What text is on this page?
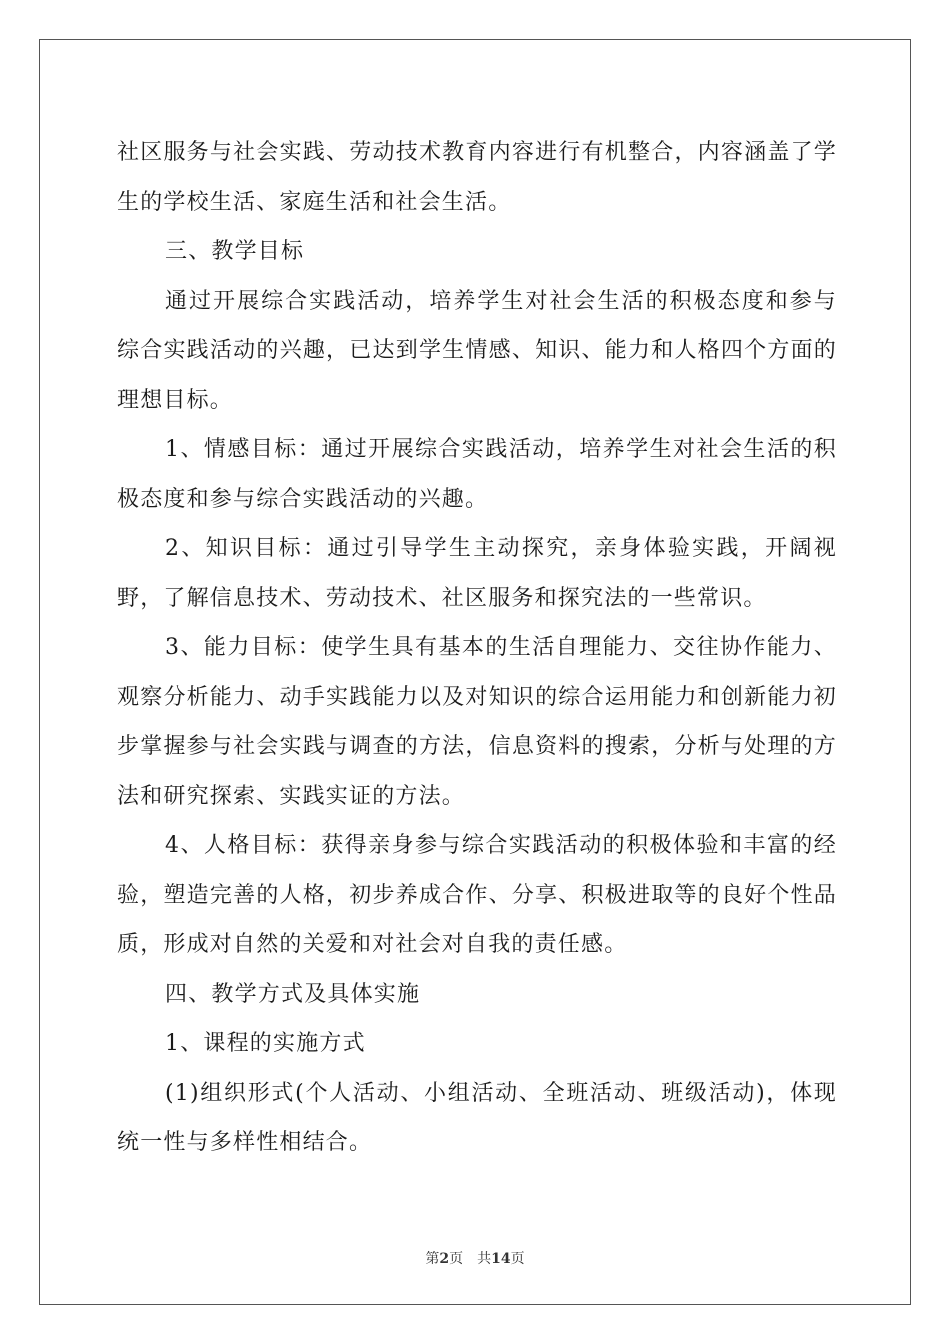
社区服务与社会实践、劳动技术教育内容进行有机整合，内容涵盖了学生的学校生活、家庭生活和社会生活。

三、教学目标

通过开展综合实践活动，培养学生对社会生活的积极态度和参与综合实践活动的兴趣，已达到学生情感、知识、能力和人格四个方面的理想目标。

1、情感目标：通过开展综合实践活动，培养学生对社会生活的积极态度和参与综合实践活动的兴趣。

2、知识目标：通过引导学生主动探究，亲身体验实践，开阔视野，了解信息技术、劳动技术、社区服务和探究法的一些常识。

3、能力目标：使学生具有基本的生活自理能力、交往协作能力、观察分析能力、动手实践能力以及对知识的综合运用能力和创新能力初步掌握参与社会实践与调查的方法，信息资料的搜索，分析与处理的方法和研究探索、实践实证的方法。

4、人格目标：获得亲身参与综合实践活动的积极体验和丰富的经验，塑造完善的人格，初步养成合作、分享、积极进取等的良好个性品质，形成对自然的关爱和对社会对自我的责任感。

四、教学方式及具体实施

1、课程的实施方式

(1)组织形式(个人活动、小组活动、全班活动、班级活动)，体现统一性与多样性相结合。

第2页 共14页
